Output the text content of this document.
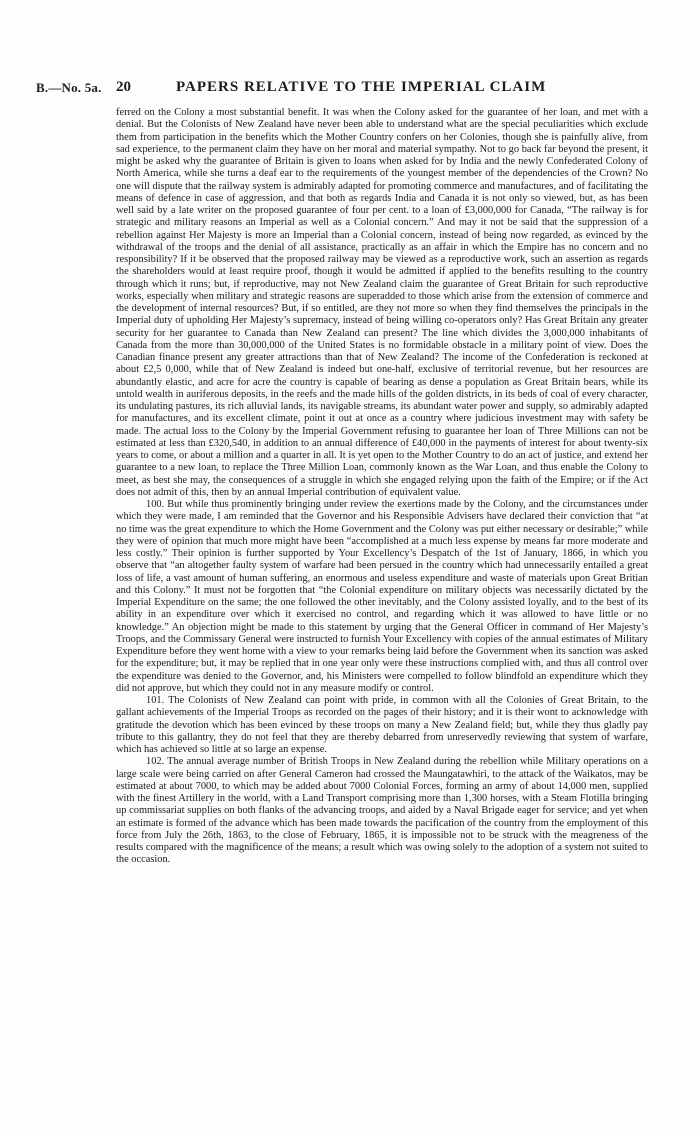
B.—No. 5a. 20	PAPERS RELATIVE TO THE IMPERIAL CLAIM

ferred on the Colony a most substantial benefit. It was when the Colony asked for the guarantee of her loan, and met with a denial. But the Colonists of New Zealand have never been able to understand what are the special peculiarities which exclude them from participation in the benefits which the Mother Country confers on her Colonies, though she is painfully alive, from sad experience, to the permanent claim they have on her moral and material sympathy. Not to go back far beyond the present, it might be asked why the guarantee of Britain is given to loans when asked for by India and the newly Confederated Colony of North America, while she turns a deaf ear to the requirements of the youngest member of the dependencies of the Crown? No one will dispute that the railway system is admirably adapted for promoting commerce and manufactures, and of facilitating the means of defence in case of aggression, and that both as regards India and Canada it is not only so viewed, but, as has been well said by a late writer on the proposed guarantee of four per cent. to a loan of £3,000,000 for Canada, “The railway is for strategic and military reasons an Imperial as well as a Colonial concern.” And may it not be said that the suppression of a rebellion against Her Majesty is more an Imperial than a Colonial concern, instead of being now regarded, as evinced by the withdrawal of the troops and the denial of all assistance, practically as an affair in which the Empire has no concern and no responsibility? If it be observed that the proposed railway may be viewed as a reproductive work, such an assertion as regards the shareholders would at least require proof, though it would be admitted if applied to the benefits resulting to the country through which it runs; but, if reproductive, may not New Zealand claim the guarantee of Great Britain for such reproductive works, especially when military and strategic reasons are superadded to those which arise from the extension of commerce and the development of internal resources? But, if so entitled, are they not more so when they find themselves the principals in the Imperial duty of upholding Her Majesty’s supremacy, instead of being willing co-operators only? Has Great Britain any greater security for her guarantee to Canada than New Zealand can present? The line which divides the 3,000,000 inhabitants of Canada from the more than 30,000,000 of the United States is no formidable obstacle in a military point of view. Does the Canadian finance present any greater attractions than that of New Zealand? The income of the Confederation is reckoned at about £2,5 0,000, while that of New Zealand is indeed but one-half, exclusive of territorial revenue, but her resources are abundantly elastic, and acre for acre the country is capable of bearing as dense a population as Great Britain bears, while its untold wealth in auriferous deposits, in the reefs and the made hills of the golden districts, in its beds of coal of every character, its undulating pastures, its rich alluvial lands, its navigable streams, its abundant water power and supply, so admirably adapted for manufactures, and its excellent climate, point it out at once as a country where judicious investment may with safety be made. The actual loss to the Colony by the Imperial Government refusing to guarantee her loan of Three Millions can not be estimated at less than £320,540, in addition to an annual difference of £40,000 in the payments of interest for about twenty-six years to come, or about a million and a quarter in all. It is yet open to the Mother Country to do an act of justice, and extend her guarantee to a new loan, to replace the Three Million Loan, commonly known as the War Loan, and thus enable the Colony to meet, as best she may, the consequences of a struggle in which she engaged relying upon the faith of the Empire; or if the Act does not admit of this, then by an annual Imperial contribution of equivalent value.

100. But while thus prominently bringing under review the exertions made by the Colony, and the circumstances under which they were made, I am reminded that the Governor and his Responsible Advisers have declared their conviction that “at no time was the great expenditure to which the Home Government and the Colony was put either necessary or desirable;” while they were of opinion that much more might have been “accomplished at a much less expense by means far more moderate and less costly.” Their opinion is further supported by Your Excellency’s Despatch of the 1st of January, 1866, in which you observe that “an altogether faulty system of warfare had been persued in the country which had unnecessarily entailed a great loss of life, a vast amount of human suffering, an enormous and useless expenditure and waste of materials upon Great Britian and this Colony.” It must not be forgotten that “the Colonial expenditure on military objects was necessarily dictated by the Imperial Expenditure on the same; the one followed the other inevitably, and the Colony assisted loyally, and to the best of its ability in an expenditure over which it exercised no control, and regarding which it was allowed to have little or no knowledge.” An objection might be made to this statement by urging that the General Officer in command of Her Majesty’s Troops, and the Commissary General were instructed to furnish Your Excellency with copies of the annual estimates of Military Expenditure before they went home with a view to your remarks being laid before the Government when its sanction was asked for the expenditure; but, it may be replied that in one year only were these instructions complied with, and thus all control over the expenditure was denied to the Governor, and, his Ministers were compelled to follow blindfold an expenditure which they did not approve, but which they could not in any measure modify or control.

101. The Colonists of New Zealand can point with pride, in common with all the Colonies of Great Britain, to the gallant achievements of the Imperial Troops as recorded on the pages of their history; and it is their wont to acknowledge with gratitude the devotion which has been evinced by these troops on many a New Zealand field; but, while they thus gladly pay tribute to this gallantry, they do not feel that they are thereby debarred from unreservedly reviewing that system of warfare, which has achieved so little at so large an expense.

102. The annual average number of British Troops in New Zealand during the rebellion while Military operations on a large scale were being carried on after General Cameron had crossed the Maungatawhiri, to the attack of the Waikatos, may be estimated at about 7000, to which may be added about 7000 Colonial Forces, forming an army of about 14,000 men, supplied with the finest Artillery in the world, with a Land Transport comprising more than 1,300 horses, with a Steam Flotilla bringing up commissariat supplies on both flanks of the advancing troops, and aided by a Naval Brigade eager for service; and yet when an estimate is formed of the advance which has been made towards the pacification of the country from the employment of this force from July the 26th, 1863, to the close of February, 1865, it is impossible not to be struck with the meagreness of the results compared with the magnificence of the means; a result which was owing solely to the adoption of a system not suited to the occasion.
